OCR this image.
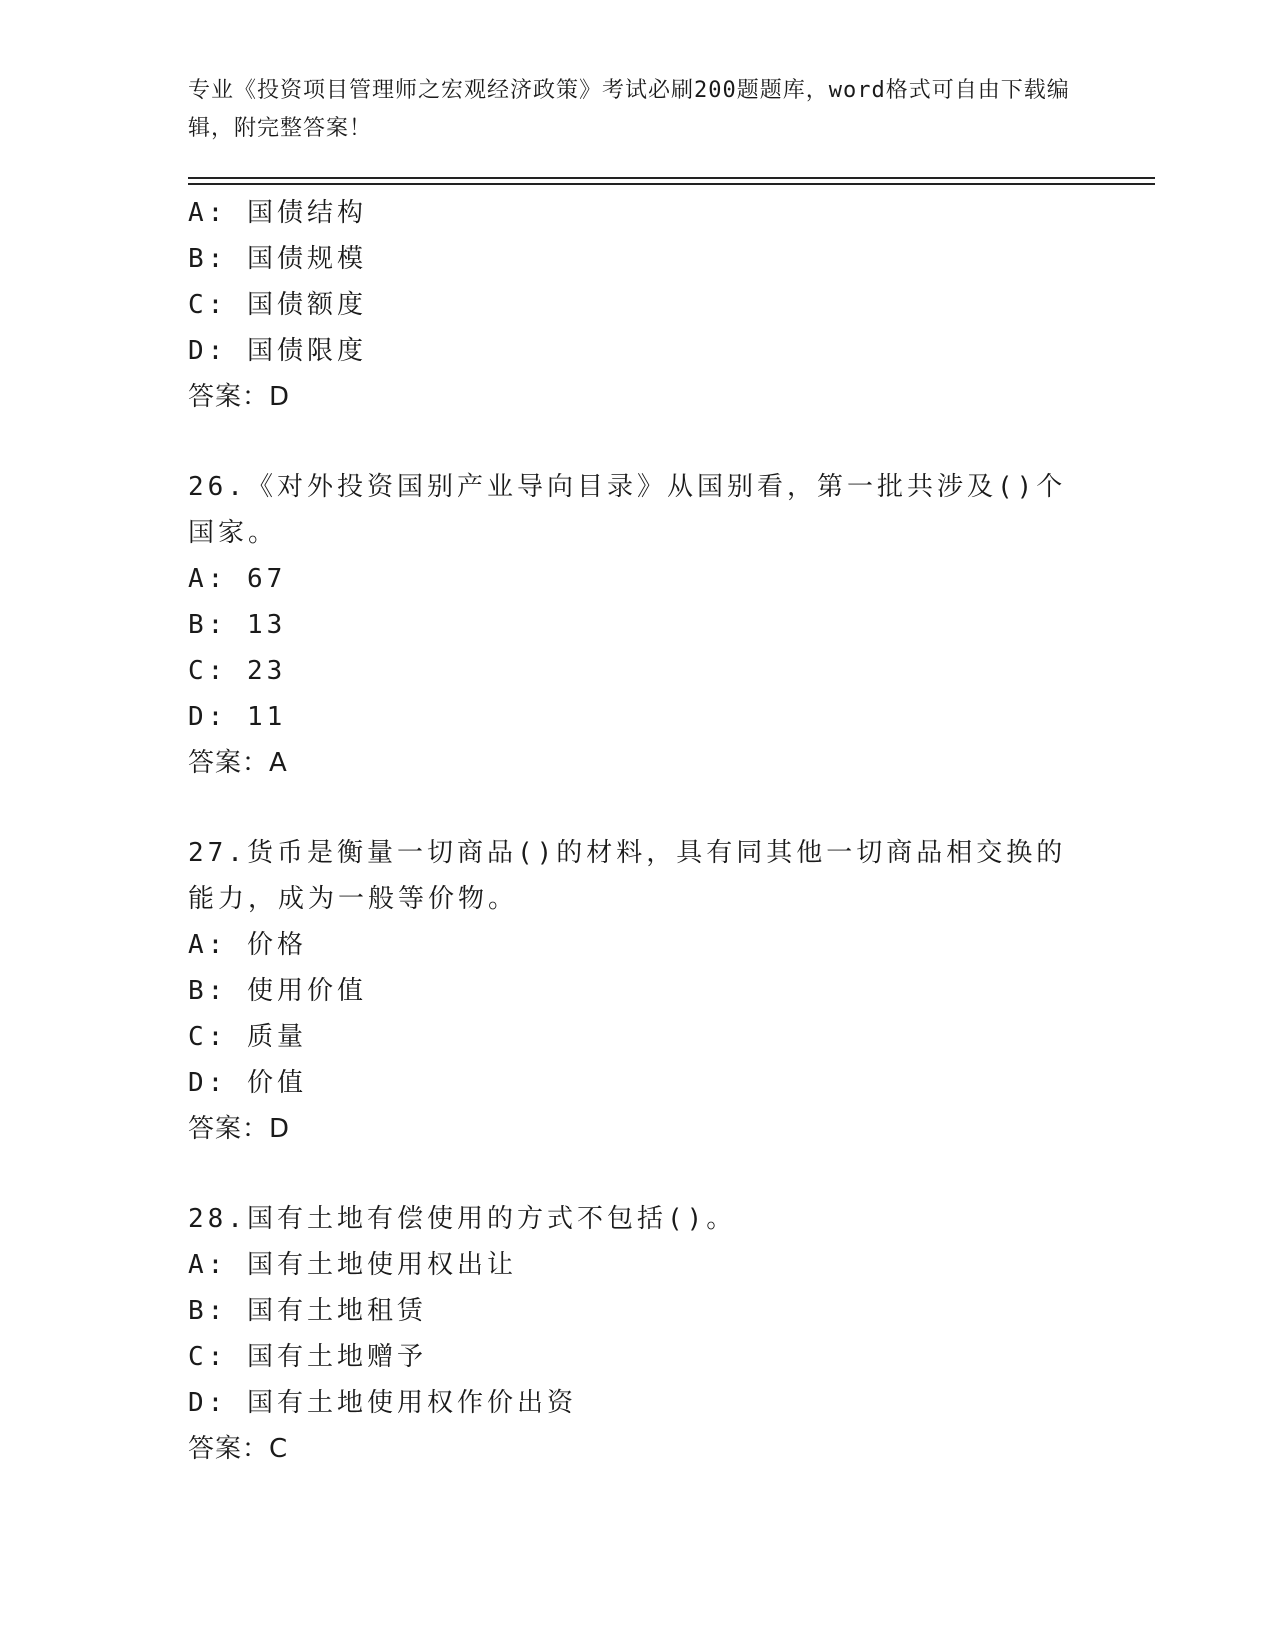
专业《投资项目管理师之宏观经济政策》考试必刷200题题库，word格式可自由下载编辑，附完整答案！
A: 国债结构
B: 国债规模
C: 国债额度
D: 国债限度
答案：D
26.《对外投资国别产业导向目录》从国别看，第一批共涉及()个国家。
A: 67
B: 13
C: 23
D: 11
答案：A
27.货币是衡量一切商品()的材料，具有同其他一切商品相交换的能力，成为一般等价物。
A: 价格
B: 使用价值
C: 质量
D: 价值
答案：D
28.国有土地有偿使用的方式不包括()。
A: 国有土地使用权出让
B: 国有土地租赁
C: 国有土地赠予
D: 国有土地使用权作价出资
答案：C
